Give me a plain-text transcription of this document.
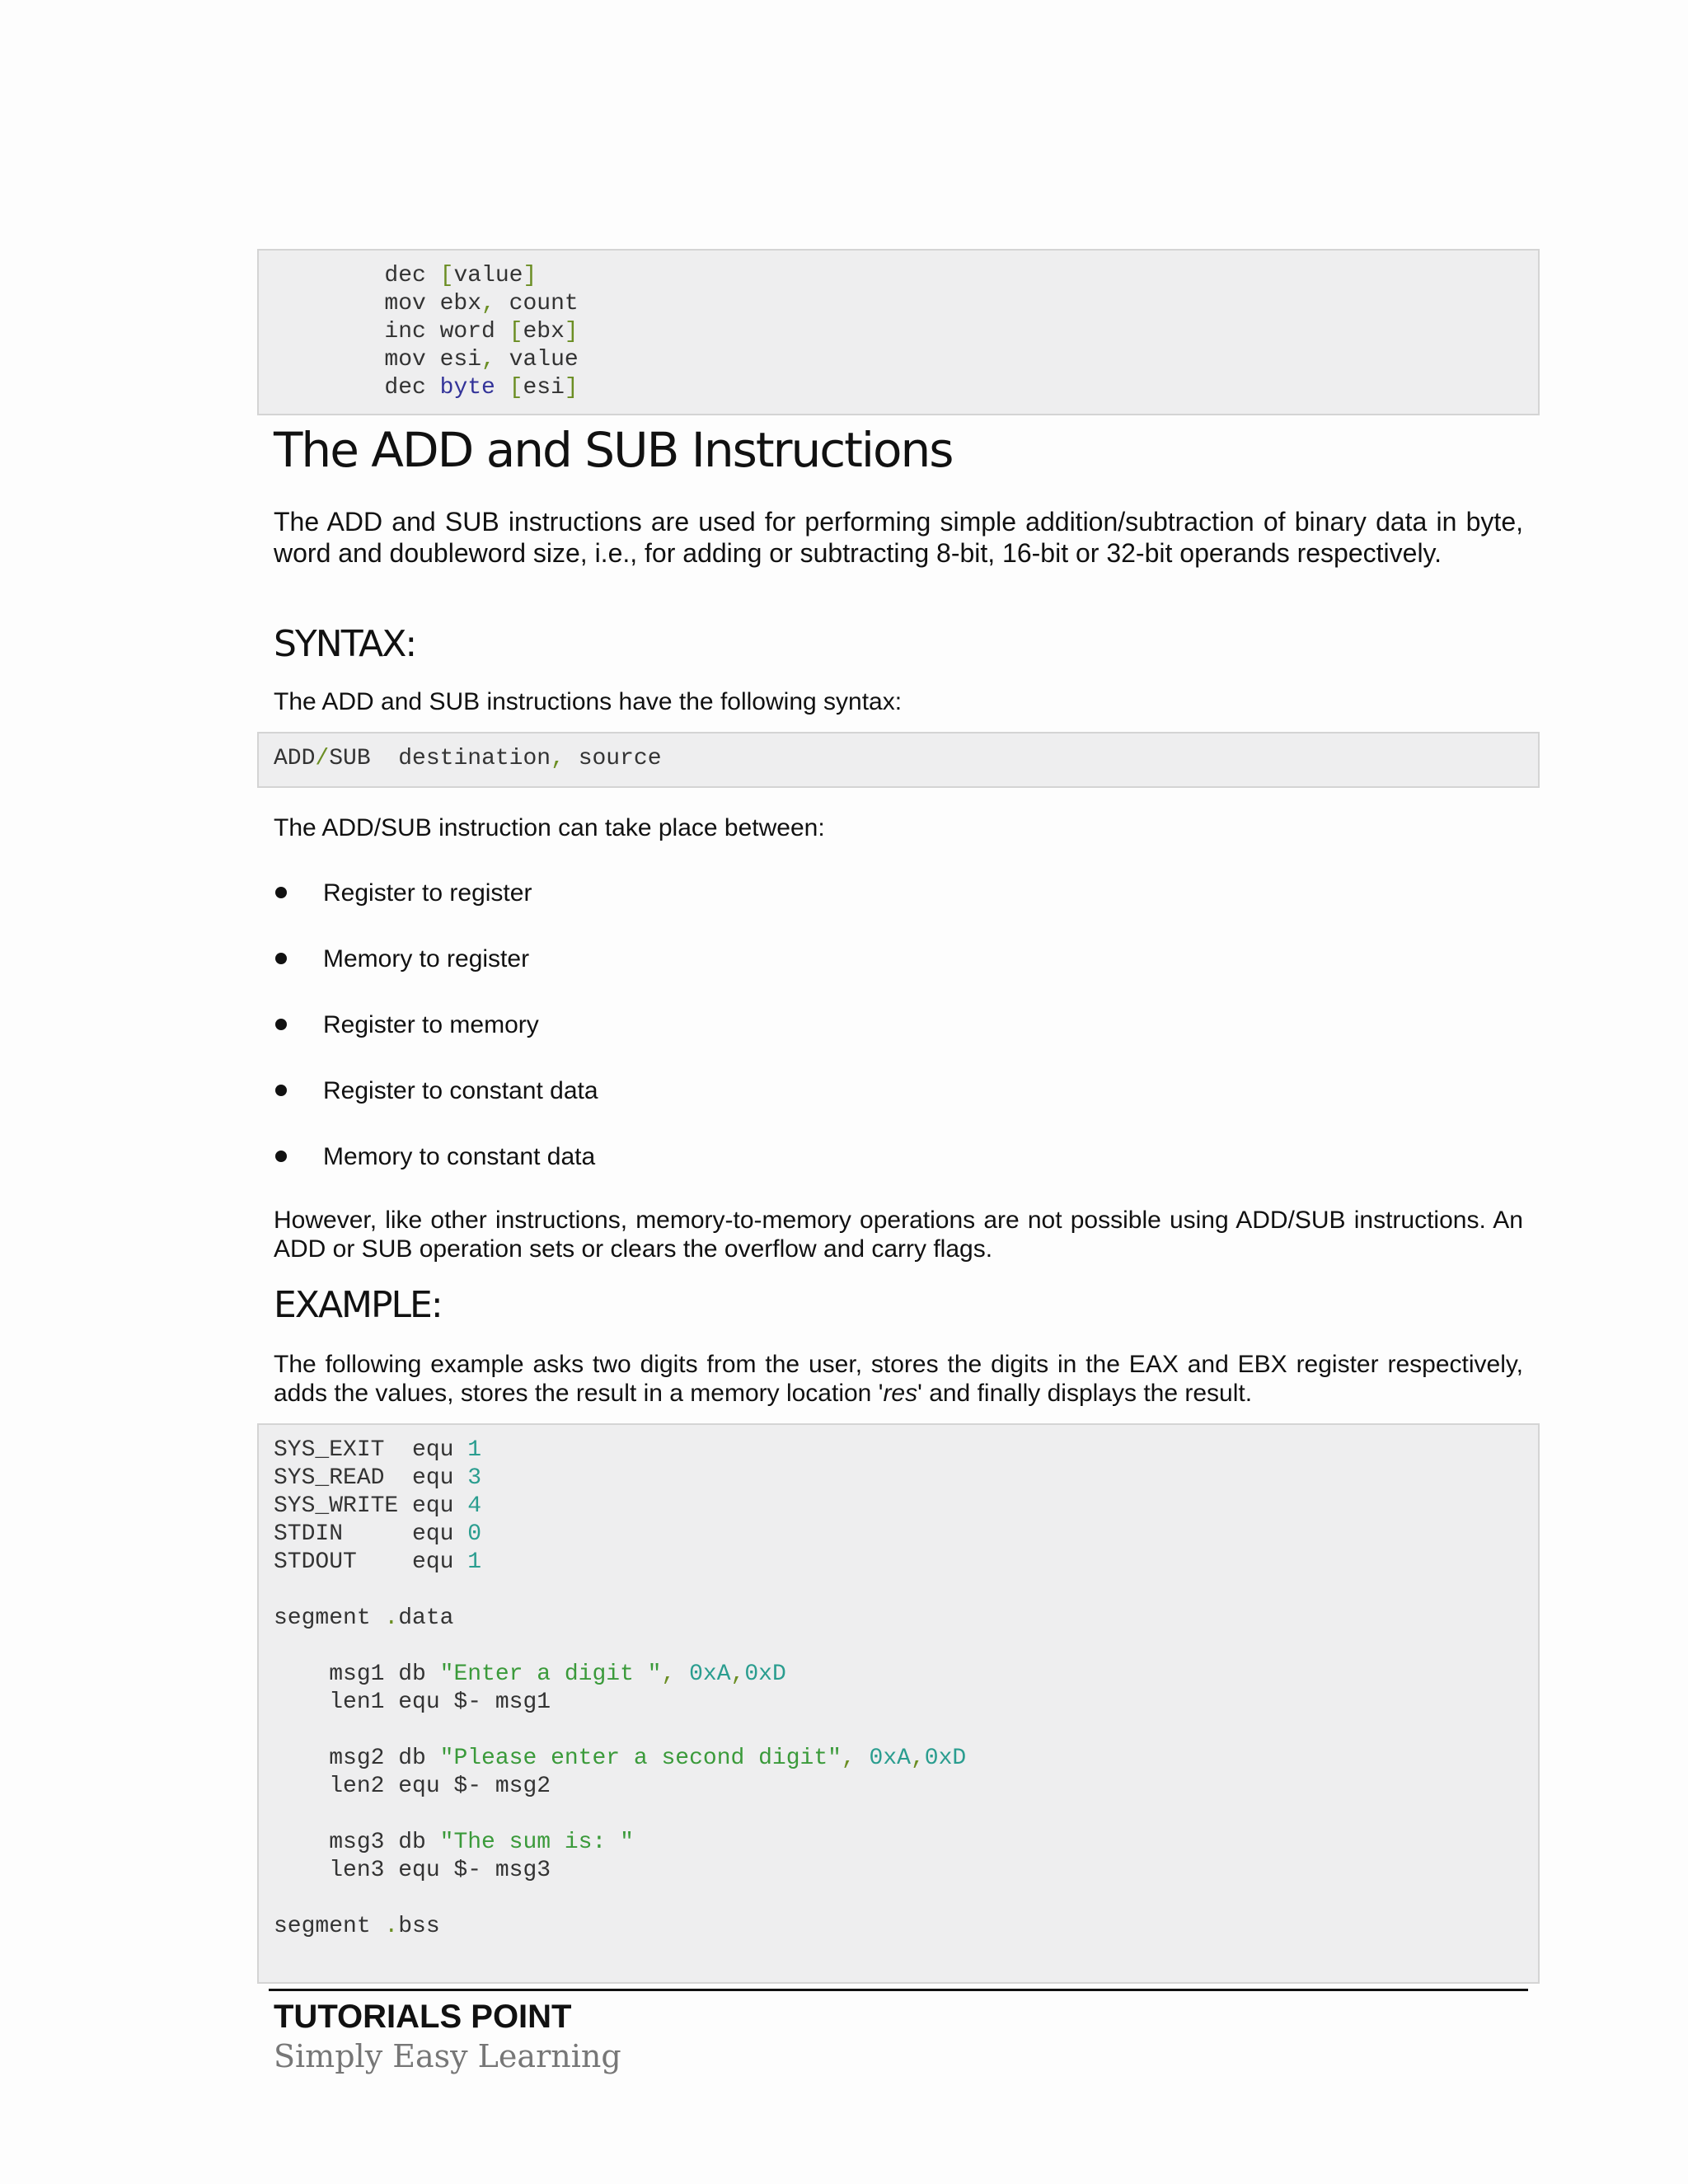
dec [value]
mov ebx, count
inc word [ebx]
mov esi, value
dec byte [esi]
The ADD and SUB Instructions

The ADD and SUB instructions are used for performing simple addition/subtraction of binary data in byte, word and doubleword size, i.e., for adding or subtracting 8-bit, 16-bit or 32-bit operands respectively.

SYNTAX:

The ADD and SUB instructions have the following syntax:

ADD/SUB  destination, source

The ADD/SUB instruction can take place between:

Register to register
Memory to register
Register to memory
Register to constant data
Memory to constant data

However, like other instructions, memory-to-memory operations are not possible using ADD/SUB instructions. An ADD or SUB operation sets or clears the overflow and carry flags.

EXAMPLE:

The following example asks two digits from the user, stores the digits in the EAX and EBX register respectively, adds the values, stores the result in a memory location 'res' and finally displays the result.

SYS_EXIT  equ 1
SYS_READ  equ 3
SYS_WRITE equ 4
STDIN     equ 0
STDOUT    equ 1
segment .data
msg1 db "Enter a digit ", 0xA,0xD
len1 equ $- msg1
msg2 db "Please enter a second digit", 0xA,0xD
len2 equ $- msg2
msg3 db "The sum is: "
len3 equ $- msg3
segment .bss
TUTORIALS POINT
Simply Easy Learning
